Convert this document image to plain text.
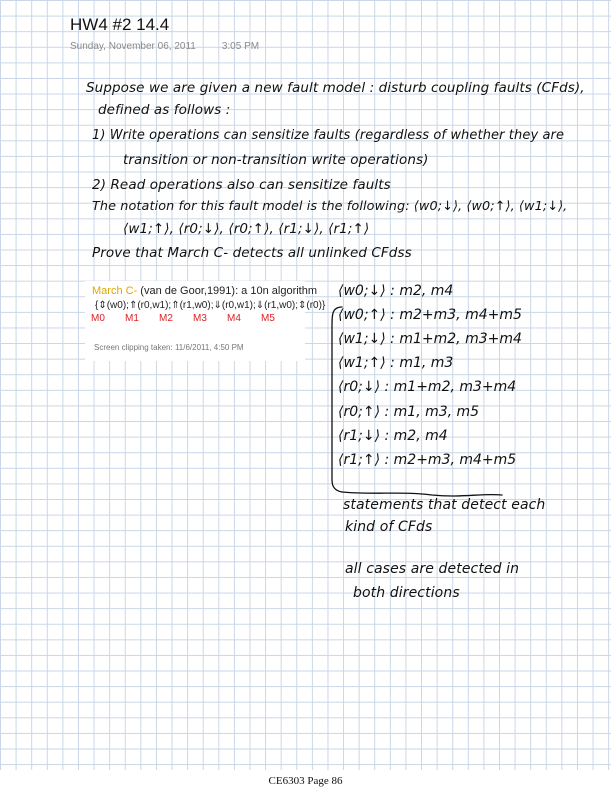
HW4 #2 14.4
Sunday, November 06, 2011	3:05 PM
Suppose we are given a new fault model : disturb coupling faults (CFds),
defined as follows :
1) Write operations can sensitize faults (regardless of whether they are
transition or non-transition write operations)
2) Read operations also can sensitize faults
The notation for this fault model is the following: ⟨w0;↓⟩, ⟨w0;↑⟩, ⟨w1;↓⟩,
⟨w1;↑⟩, ⟨r0;↓⟩, ⟨r0;↑⟩, ⟨r1;↓⟩, ⟨r1;↑⟩
Prove that March C- detects all unlinked CFdss
March C- (van de Goor,1991): a 10n algorithm
{⇕(w0);⇑(r0,w1);⇑(r1,w0);⇓(r0,w1);⇓(r1,w0);⇕(r0)}
M0 M1 M2 M3 M4 M5
Screen clipping taken: 11/6/2011, 4:50 PM
⟨w0;↓⟩ : m2, m4
⟨w0;↑⟩ : m2+m3, m4+m5
⟨w1;↓⟩ : m1+m2, m3+m4
⟨w1;↑⟩ : m1, m3
⟨r0;↓⟩ : m1+m2, m3+m4
⟨r0;↑⟩ : m1, m3, m5
⟨r1;↓⟩ : m2, m4
⟨r1;↑⟩ : m2+m3, m4+m5
statements that detect each
kind of CFds
all cases are detected in
both directions
CE6303 Page 86
